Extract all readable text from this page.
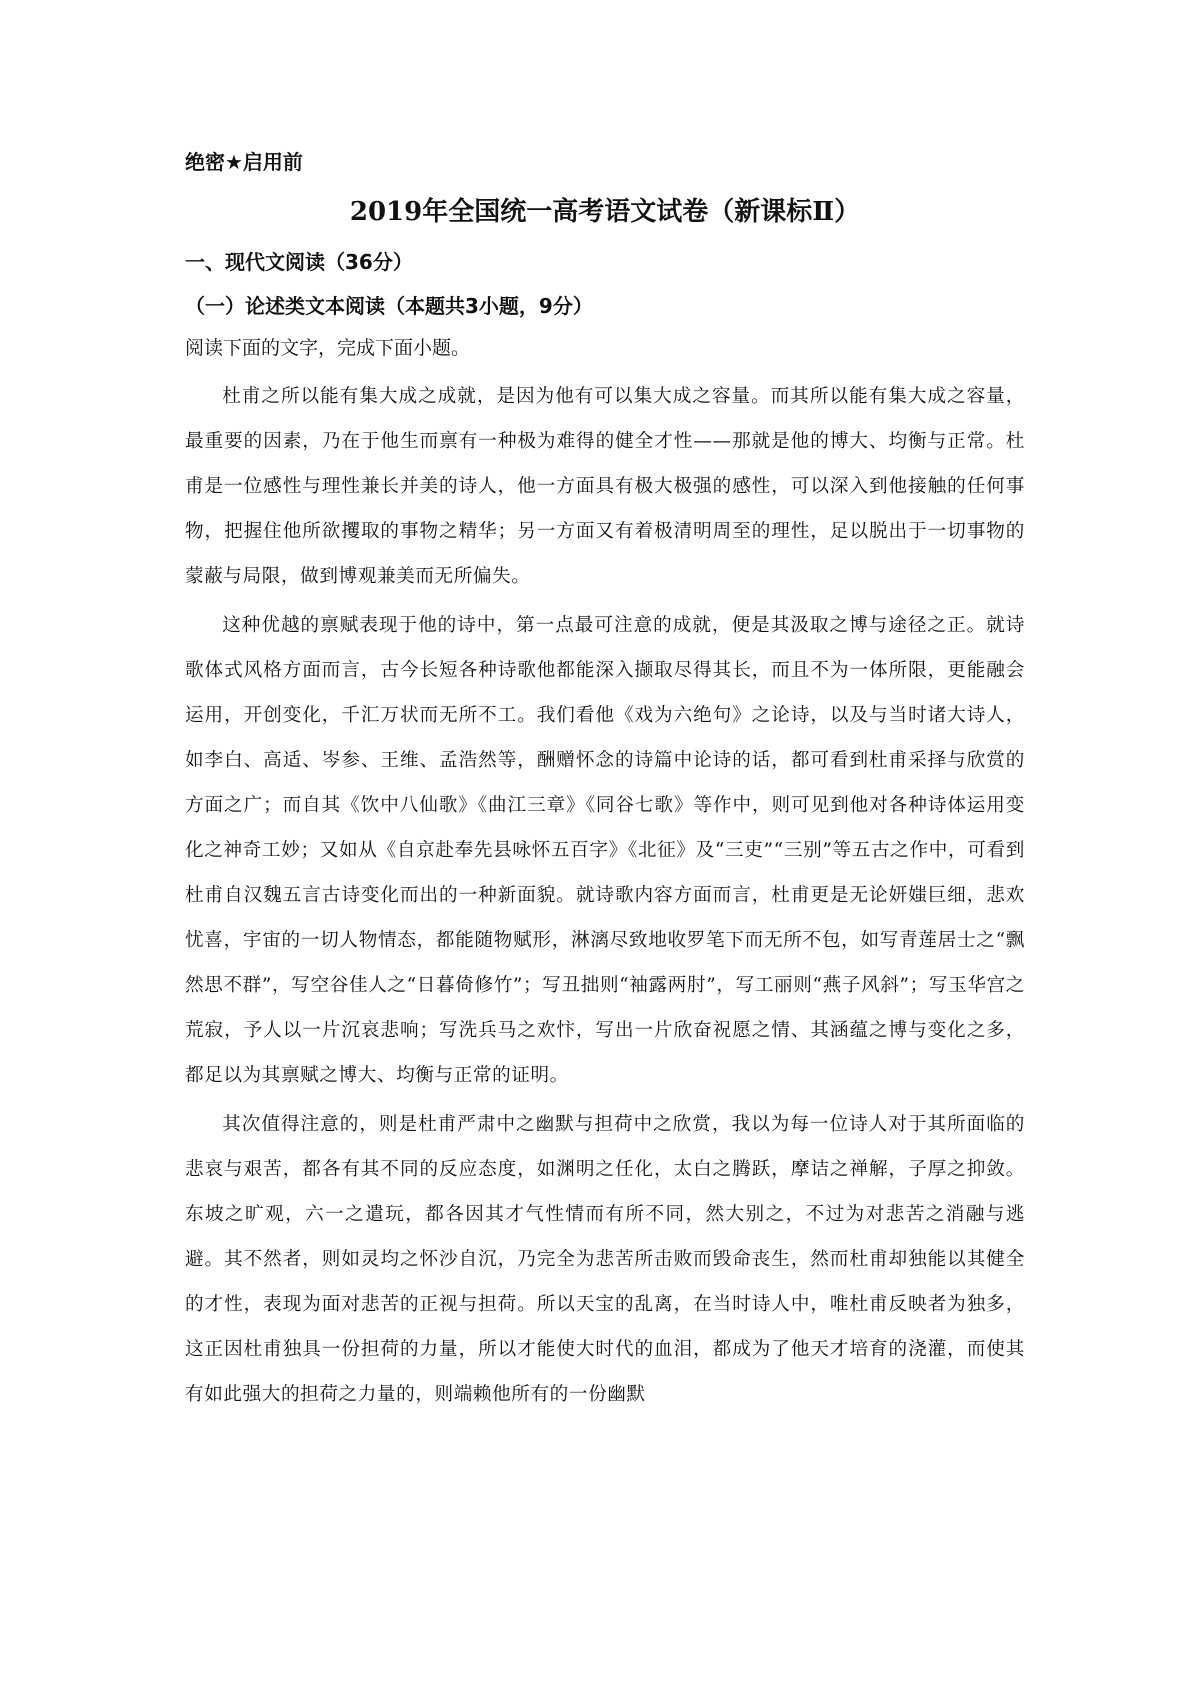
绝密★启用前
2019年全国统一高考语文试卷（新课标Ⅱ）
一、现代文阅读（36分）
（一）论述类文本阅读（本题共3小题，9分）
阅读下面的文字，完成下面小题。

杜甫之所以能有集大成之成就，是因为他有可以集大成之容量。而其所以能有集大成之容量，最重要的因素，乃在于他生而禀有一种极为难得的健全才性——那就是他的博大、均衡与正常。杜甫是一位感性与理性兼长并美的诗人，他一方面具有极大极强的感性，可以深入到他接触的任何事物，把握住他所欲攫取的事物之精华；另一方面又有着极清明周至的理性，足以脱出于一切事物的蒙蔽与局限，做到博观兼美而无所偏失。

这种优越的禀赋表现于他的诗中，第一点最可注意的成就，便是其汲取之博与途径之正。就诗歌体式风格方面而言，古今长短各种诗歌他都能深入撷取尽得其长，而且不为一体所限，更能融会运用，开创变化，千汇万状而无所不工。我们看他《戏为六绝句》之论诗，以及与当时诸大诗人，如李白、高适、岑参、王维、孟浩然等，酬赠怀念的诗篇中论诗的话，都可看到杜甫采择与欣赏的方面之广；而自其《饮中八仙歌》《曲江三章》《同谷七歌》等作中，则可见到他对各种诗体运用变化之神奇工妙；又如从《自京赴奉先县咏怀五百字》《北征》及“三吏”“三别”等五古之作中，可看到杜甫自汉魏五言古诗变化而出的一种新面貌。就诗歌内容方面而言，杜甫更是无论妍媸巨细，悲欢忧喜，宇宙的一切人物情态，都能随物赋形，淋漓尽致地收罗笔下而无所不包，如写青莲居士之“飘然思不群”，写空谷佳人之“日暮倚修竹”；写丑拙则“袖露两肘”，写工丽则“燕子风斜”；写玉华宫之荒寂，予人以一片沉哀悲响；写洗兵马之欢忭，写出一片欣奋祝愿之情、其涵蕴之博与变化之多，都足以为其禀赋之博大、均衡与正常的证明。

其次值得注意的，则是杜甫严肃中之幽默与担荷中之欣赏，我以为每一位诗人对于其所面临的悲哀与艰苦，都各有其不同的反应态度，如渊明之任化，太白之腾跃，摩诘之禅解，子厚之抑敛。东坡之旷观，六一之遣玩，都各因其才气性情而有所不同，然大别之，不过为对悲苦之消融与逃避。其不然者，则如灵均之怀沙自沉，乃完全为悲苦所击败而毁命丧生，然而杜甫却独能以其健全的才性，表现为面对悲苦的正视与担荷。所以天宝的乱离，在当时诗人中，唯杜甫反映者为独多，这正因杜甫独具一份担荷的力量，所以才能使大时代的血泪，都成为了他天才培育的浇灌，而使其有如此强大的担荷之力量的，则端赖他所有的一份幽默
